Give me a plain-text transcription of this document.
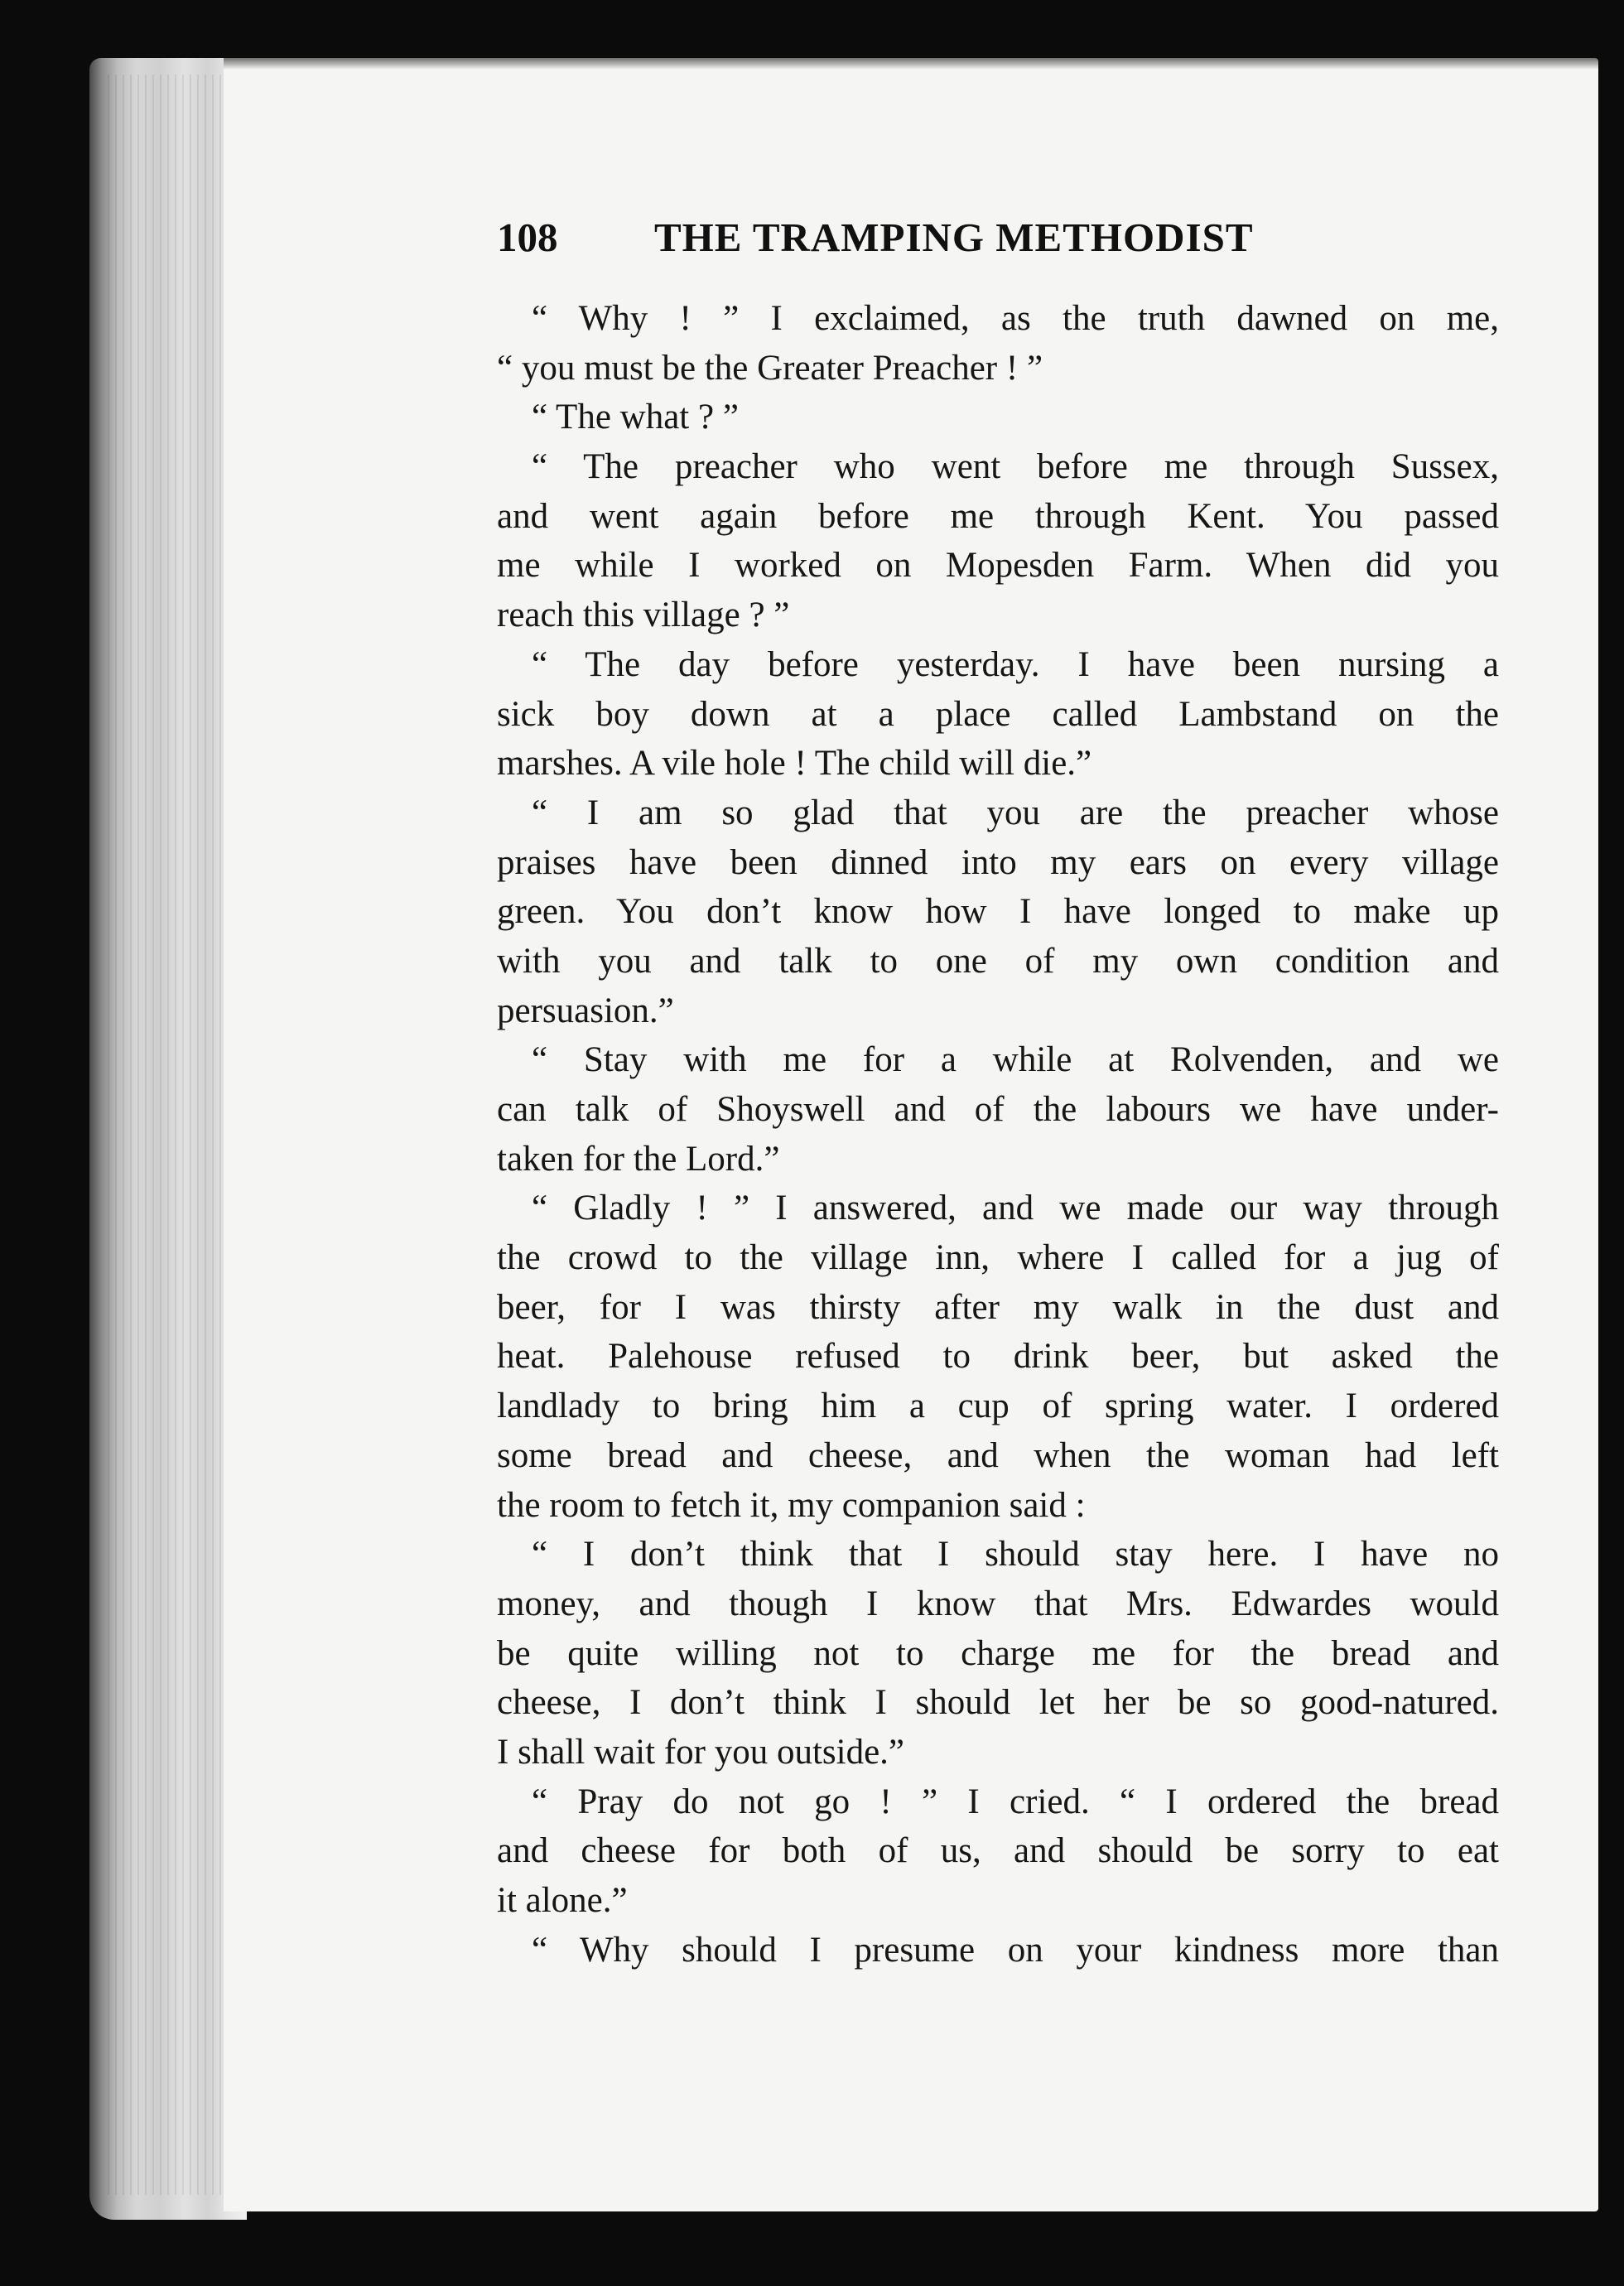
108 THE TRAMPING METHODIST
“ Why ! ” I exclaimed, as the truth dawned on me,
“ you must be the Greater Preacher ! ”
“ The what ? ”
“ The preacher who went before me through Sussex,
and went again before me through Kent. You passed
me while I worked on Mopesden Farm. When did you
reach this village ? ”
“ The day before yesterday. I have been nursing a
sick boy down at a place called Lambstand on the
marshes. A vile hole ! The child will die.”
“ I am so glad that you are the preacher whose
praises have been dinned into my ears on every village
green. You don’t know how I have longed to make up
with you and talk to one of my own condition and
persuasion.”
“ Stay with me for a while at Rolvenden, and we
can talk of Shoyswell and of the labours we have under-
taken for the Lord.”
“ Gladly ! ” I answered, and we made our way through
the crowd to the village inn, where I called for a jug of
beer, for I was thirsty after my walk in the dust and
heat. Palehouse refused to drink beer, but asked the
landlady to bring him a cup of spring water. I ordered
some bread and cheese, and when the woman had left
the room to fetch it, my companion said :
“ I don’t think that I should stay here. I have no
money, and though I know that Mrs. Edwardes would
be quite willing not to charge me for the bread and
cheese, I don’t think I should let her be so good-natured.
I shall wait for you outside.”
“ Pray do not go ! ” I cried. “ I ordered the bread
and cheese for both of us, and should be sorry to eat
it alone.”
“ Why should I presume on your kindness more than
